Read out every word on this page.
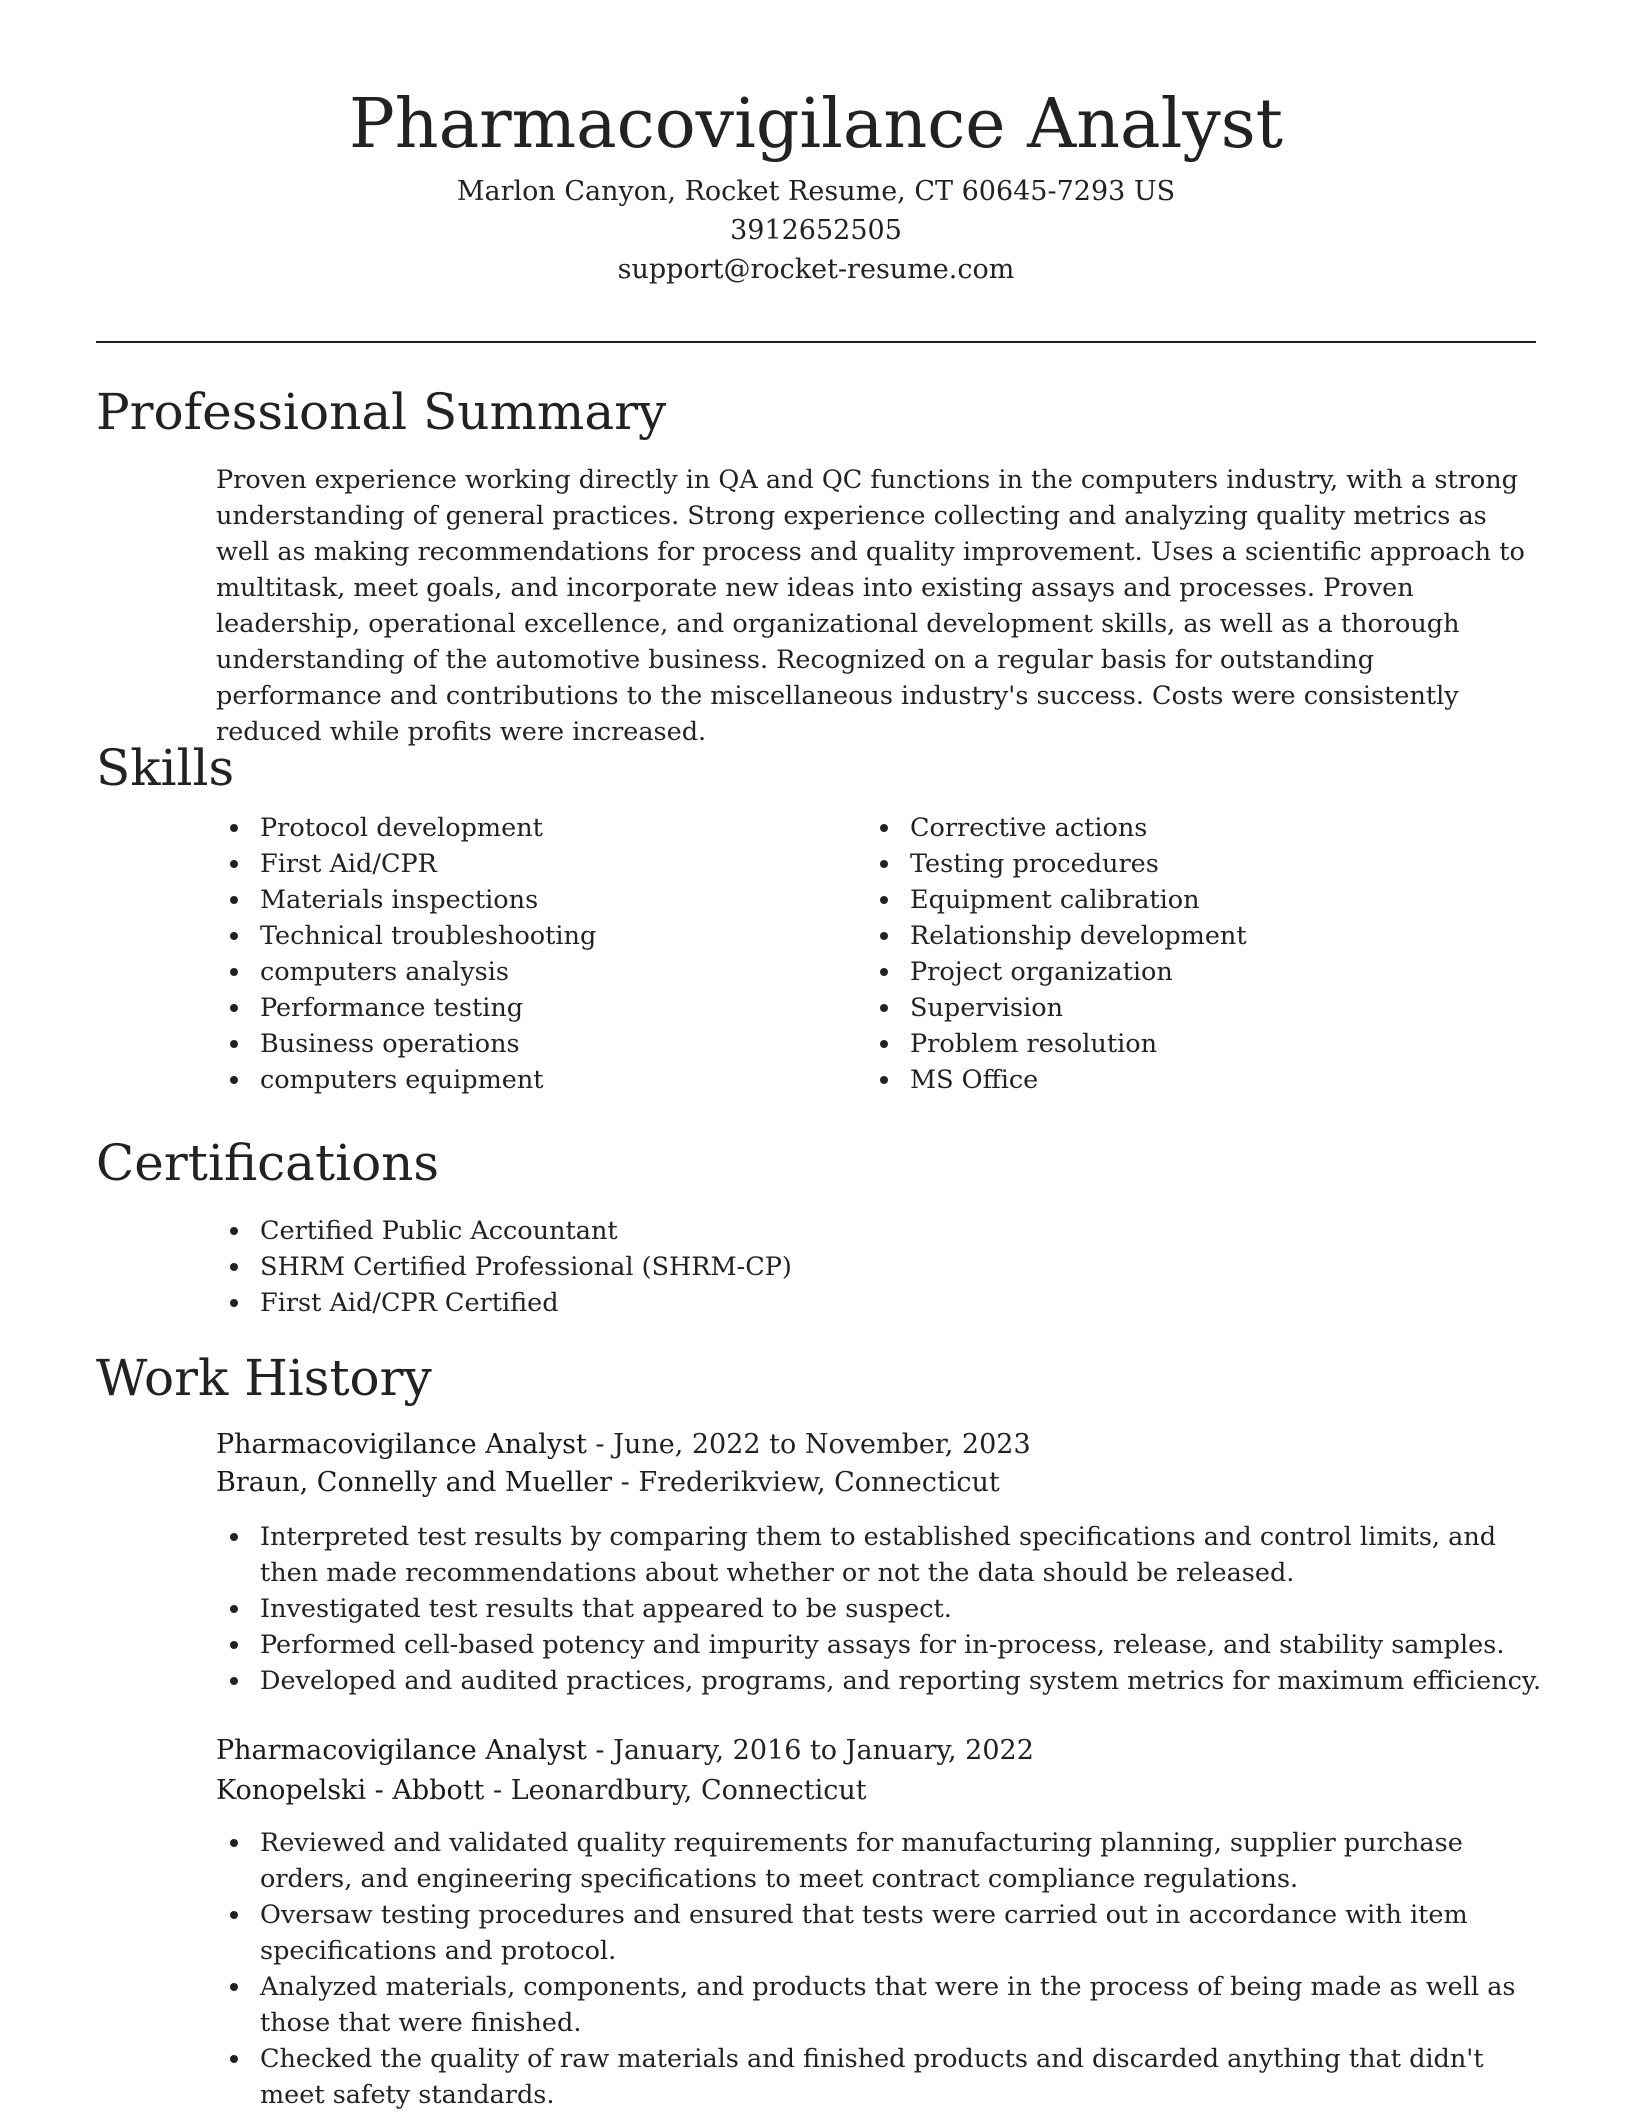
Pharmacovigilance Analyst
Marlon Canyon, Rocket Resume, CT 60645-7293 US
3912652505
support@rocket-resume.com
Professional Summary

Proven experience working directly in QA and QC functions in the computers industry, with a strong understanding of general practices. Strong experience collecting and analyzing quality metrics as well as making recommendations for process and quality improvement. Uses a scientific approach to multitask, meet goals, and incorporate new ideas into existing assays and processes. Proven leadership, operational excellence, and organizational development skills, as well as a thorough understanding of the automotive business. Recognized on a regular basis for outstanding performance and contributions to the miscellaneous industry's success. Costs were consistently reduced while profits were increased.

Skills
Protocol development
First Aid/CPR
Materials inspections
Technical troubleshooting
computers analysis
Performance testing
Business operations
computers equipment
Corrective actions
Testing procedures
Equipment calibration
Relationship development
Project organization
Supervision
Problem resolution
MS Office
Certifications
Certified Public Accountant
SHRM Certified Professional (SHRM-CP)
First Aid/CPR Certified
Work History
Pharmacovigilance Analyst - June, 2022 to November, 2023
Braun, Connelly and Mueller - Frederikview, Connecticut
Interpreted test results by comparing them to established specifications and control limits, and then made recommendations about whether or not the data should be released.
Investigated test results that appeared to be suspect.
Performed cell-based potency and impurity assays for in-process, release, and stability samples.
Developed and audited practices, programs, and reporting system metrics for maximum efficiency.
Pharmacovigilance Analyst - January, 2016 to January, 2022
Konopelski - Abbott - Leonardbury, Connecticut
Reviewed and validated quality requirements for manufacturing planning, supplier purchase orders, and engineering specifications to meet contract compliance regulations.
Oversaw testing procedures and ensured that tests were carried out in accordance with item specifications and protocol.
Analyzed materials, components, and products that were in the process of being made as well as those that were finished.
Checked the quality of raw materials and finished products and discarded anything that didn't meet safety standards.
